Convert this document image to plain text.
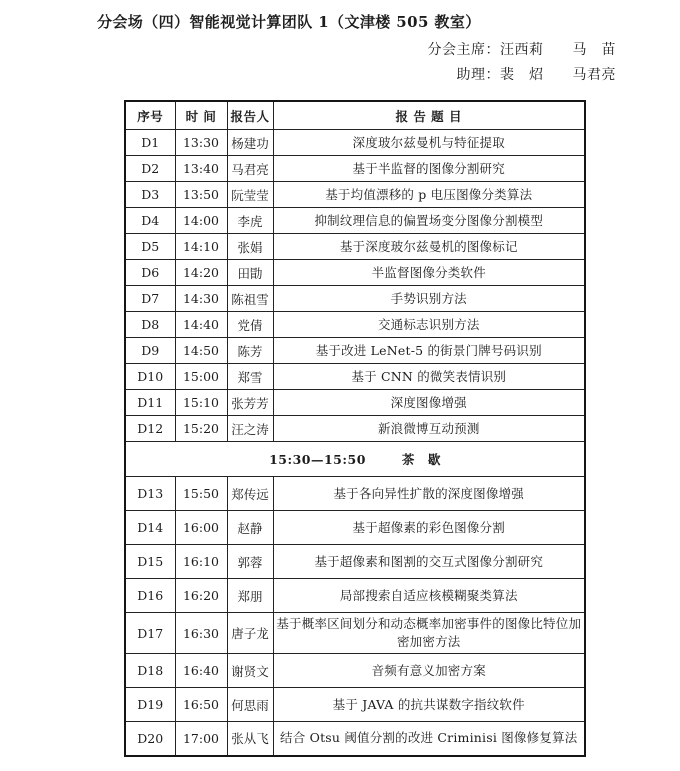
分会场（四）智能视觉计算团队 1（文津楼 505 教室）
分会主席：汪西莉　　马　苗
助理：裴　炤　　马君亮
序号	时 间	报告人	报 告 题 目
D1	13:30	杨建功	深度玻尔兹曼机与特征提取
D2	13:40	马君亮	基于半监督的图像分割研究
D3	13:50	阮莹莹	基于均值漂移的 p 电压图像分类算法
D4	14:00	李虎	抑制纹理信息的偏置场变分图像分割模型
D5	14:10	张娟	基于深度玻尔兹曼机的图像标记
D6	14:20	田勖	半监督图像分类软件
D7	14:30	陈祖雪	手势识别方法
D8	14:40	党倩	交通标志识别方法
D9	14:50	陈芳	基于改进 LeNet-5 的街景门牌号码识别
D10	15:00	郑雪	基于 CNN 的微笑表情识别
D11	15:10	张芳芳	深度图像增强
D12	15:20	汪之涛	新浪微博互动预测
15:30—15:50 茶　歇			
D13	15:50	郑传远	基于各向异性扩散的深度图像增强
D14	16:00	赵静	基于超像素的彩色图像分割
D15	16:10	郭蓉	基于超像素和图割的交互式图像分割研究
D16	16:20	郑朋	局部搜索自适应核模糊聚类算法
D17	16:30	唐子龙	基于概率区间划分和动态概率加密事件的图像比特位加密加密方法
D18	16:40	谢贤文	音频有意义加密方案
D19	16:50	何思雨	基于 JAVA 的抗共谋数字指纹软件
D20	17:00	张从飞	结合 Otsu 阈值分割的改进 Criminisi 图像修复算法
